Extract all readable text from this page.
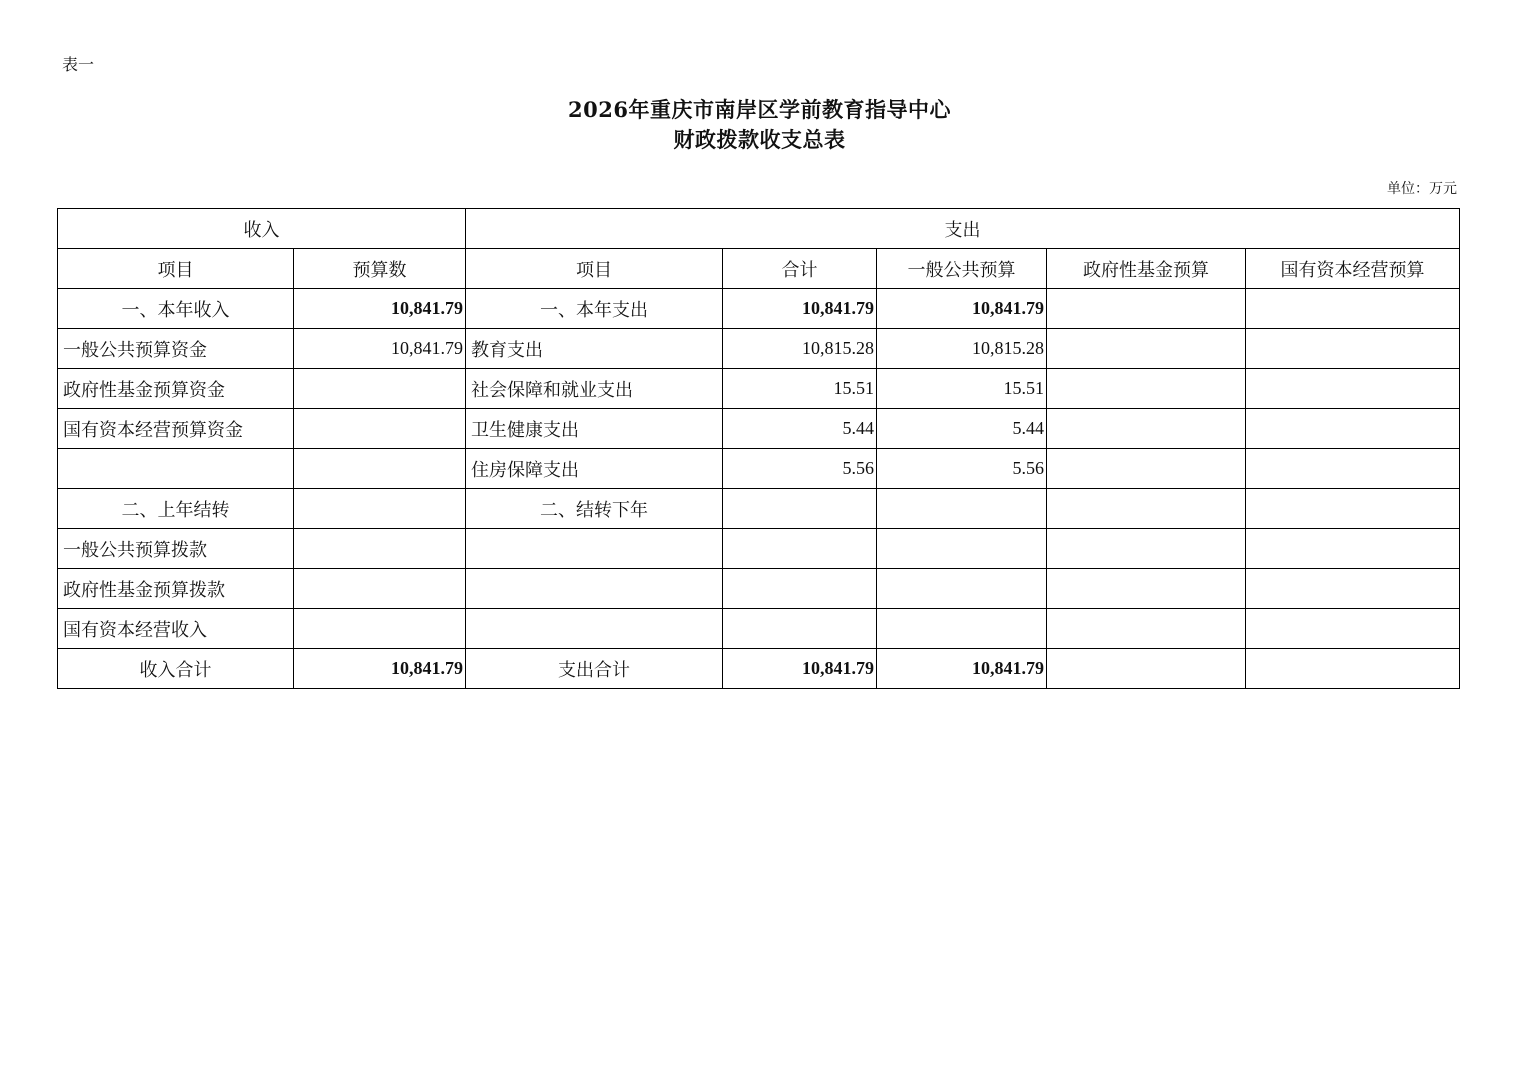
表一
2026年重庆市南岸区学前教育指导中心
财政拨款收支总表
单位：万元
收入		支出				
项目	预算数	项目	合计	一般公共预算	政府性基金预算	国有资本经营预算
一、本年收入	10,841.79	一、本年支出	10,841.79	10,841.79		
一般公共预算资金	10,841.79	教育支出	10,815.28	10,815.28		
政府性基金预算资金		社会保障和就业支出	15.51	15.51		
国有资本经营预算资金		卫生健康支出	5.44	5.44		
		住房保障支出	5.56	5.56		
二、上年结转		二、结转下年				
一般公共预算拨款						
政府性基金预算拨款						
国有资本经营收入						
收入合计	10,841.79	支出合计	10,841.79	10,841.79		
